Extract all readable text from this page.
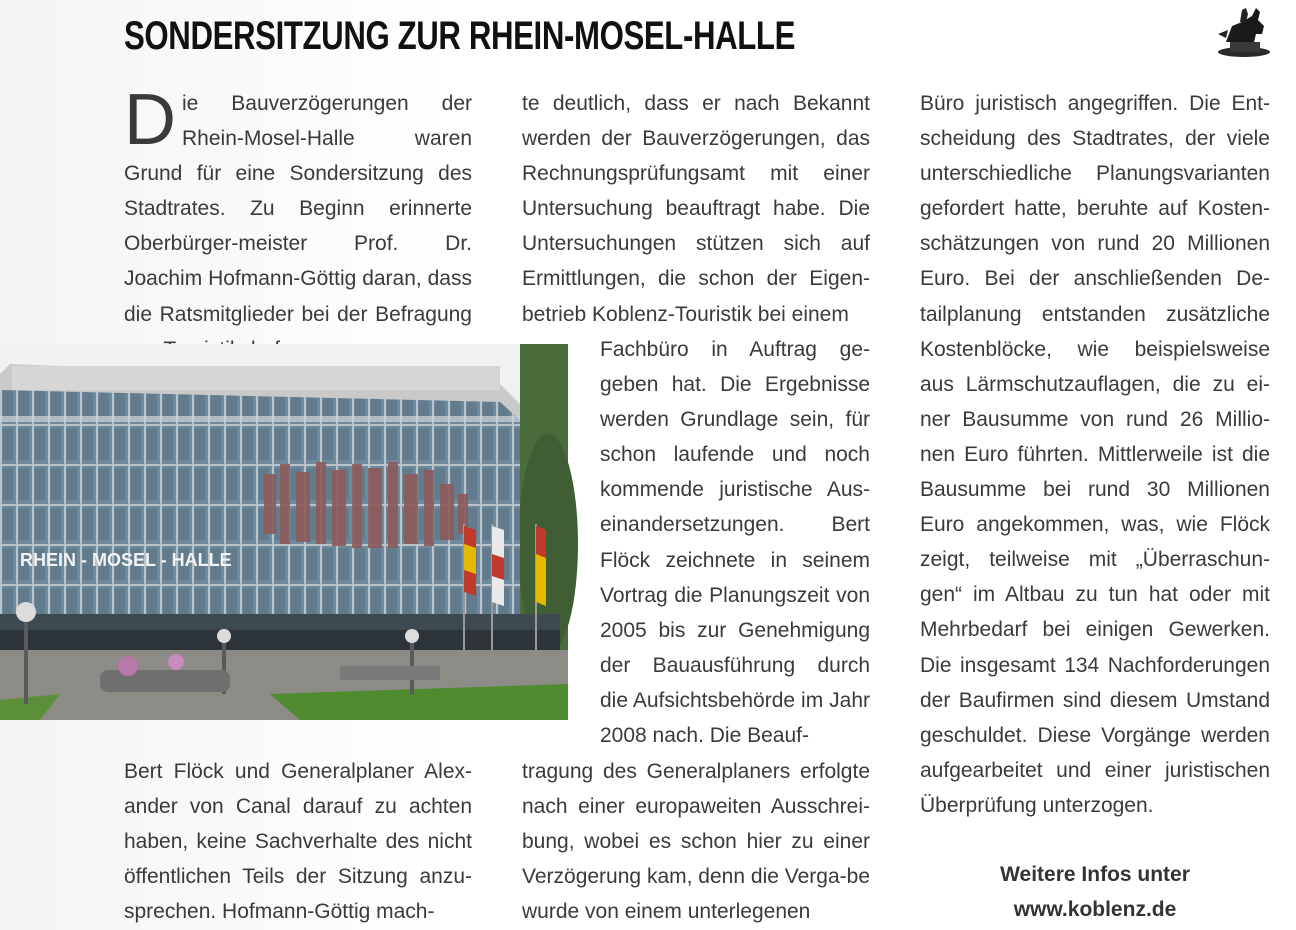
SONDERSITZUNG ZUR RHEIN-MOSEL-HALLE
D ie Bauverzögerungen der Rhein-Mosel-Halle waren Grund für eine Sondersitzung des Stadtrates. Zu Beginn erinnerte Oberbürger-meister Prof. Dr. Joachim Hofmann-Göttig daran, dass die Ratsmitglieder bei der Befragung

Bert Flöck und Generalplaner Alex-ander von Canal darauf zu achten haben, keine Sachverhalte des nicht öffentlichen Teils der Sitzung anzu-sprechen. Hofmann-Göttig mach-

te deutlich, dass er nach Bekannt werden der Bauverzögerungen, das Rechnungsprüfungsamt mit einer Untersuchung beauftragt habe. Die Untersuchungen stützen sich auf Ermittlungen, die schon der Eigen-betrieb Koblenz-Touristik bei einem

Fachbüro in Auftrag ge-geben hat. Die Ergebnisse werden Grundlage sein, für schon laufende und noch kommende juristische Aus-einandersetzungen. Bert Flöck zeichnete in seinem Vortrag die Planungszeit von 2005 bis zur Genehmigung der Bauausführung durch die Aufsichtsbehörde im Jahr 2008 nach. Die Beauf-

tragung des Generalplaners erfolgte nach einer europaweiten Ausschrei-bung, wobei es schon hier zu einer Verzögerung kam, denn die Verga-be wurde von einem unterlegenen

Büro juristisch angegriffen. Die Ent-scheidung des Stadtrates, der viele unterschiedliche Planungsvarianten gefordert hatte, beruhte auf Kosten-schätzungen von rund 20 Millionen Euro. Bei der anschließenden De-tailplanung entstanden zusätzliche Kostenblöcke, wie beispielsweise aus Lärmschutzauflagen, die zu ei-ner Bausumme von rund 26 Millio-nen Euro führten. Mittlerweile ist die Bausumme bei rund 30 Millionen Euro angekommen, was, wie Flöck zeigt, teilweise mit „Überraschun-gen“ im Altbau zu tun hat oder mit Mehrbedarf bei einigen Gewerken. Die insgesamt 134 Nachforderungen der Baufirmen sind diesem Umstand geschuldet. Diese Vorgänge werden aufgearbeitet und einer juristischen Überprüfung unterzogen.

RHEIN - MOSEL - HALLE
Weitere Infos unter
www.koblenz.de
